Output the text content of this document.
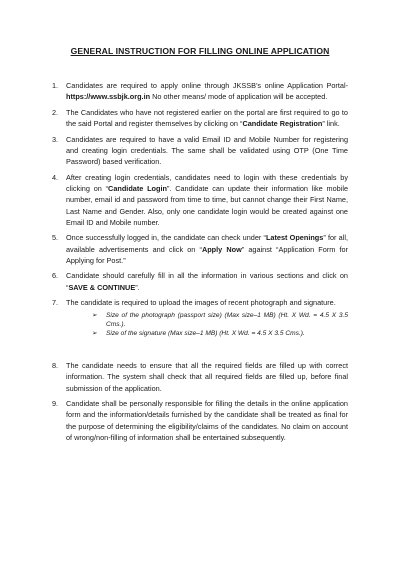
GENERAL INSTRUCTION FOR FILLING ONLINE APPLICATION
1. Candidates are required to apply online through JKSSB’s online Application Portal- https://www.ssbjk.org.in No other means/ mode of application will be accepted.
2. The Candidates who have not registered earlier on the portal are first required to go to the said Portal and register themselves by clicking on “Candidate Registration” link.
3. Candidates are required to have a valid Email ID and Mobile Number for registering and creating login credentials. The same shall be validated using OTP (One Time Password) based verification.
4. After creating login credentials, candidates need to login with these credentials by clicking on “Candidate Login”. Candidate can update their information like mobile number, email id and password from time to time, but cannot change their First Name, Last Name and Gender. Also, only one candidate login would be created against one Email ID and Mobile number.
5. Once successfully logged in, the candidate can check under “Latest Openings” for all, available advertisements and click on “Apply Now” against “Application Form for Applying for Post.”
6. Candidate should carefully fill in all the information in various sections and click on “SAVE & CONTINUE”.
7. The candidate is required to upload the images of recent photograph and signature.
➢ Size of the photograph (passport size) (Max size–1 MB) (Ht. X Wd. = 4.5 X 3.5 Cms.).
➢ Size of the signature (Max size–1 MB) (Ht. X Wd. = 4.5 X 3.5 Cms.).
8. The candidate needs to ensure that all the required fields are filled up with correct information. The system shall check that all required fields are filled up, before final submission of the application.
9. Candidate shall be personally responsible for filling the details in the online application form and the information/details furnished by the candidate shall be treated as final for the purpose of determining the eligibility/claims of the candidates. No claim on account of wrong/non-filling of information shall be entertained subsequently.
